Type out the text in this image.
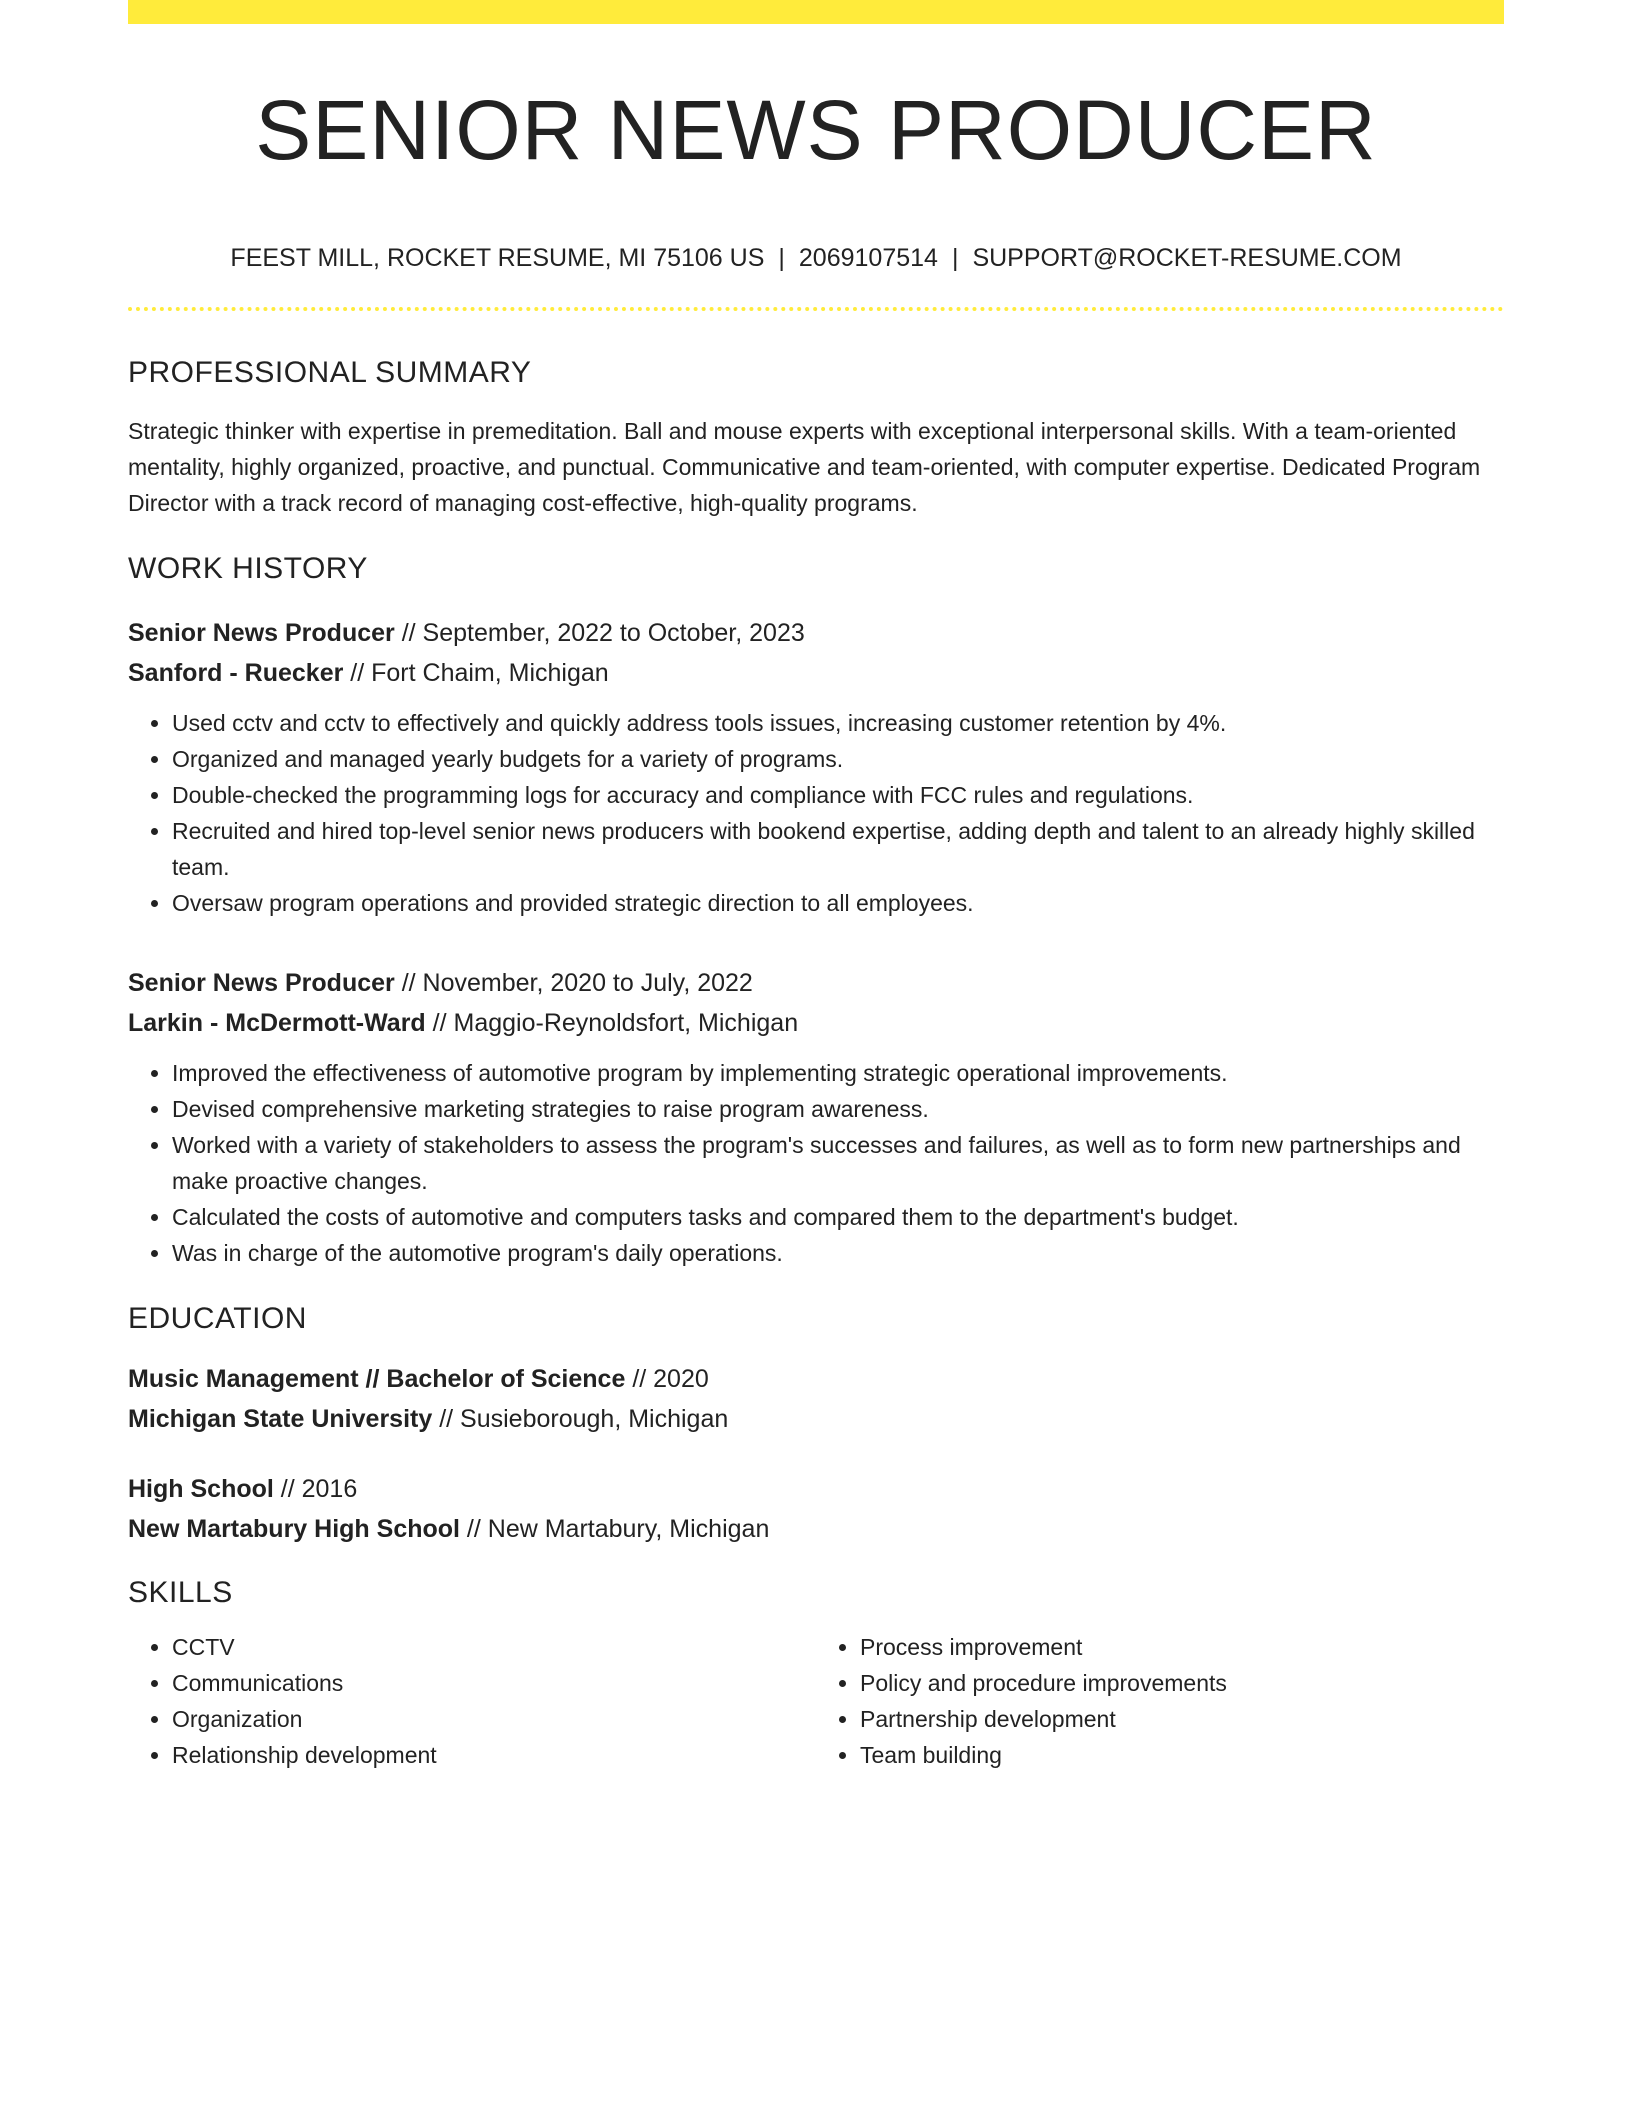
SENIOR NEWS PRODUCER
FEEST MILL, ROCKET RESUME, MI 75106 US | 2069107514 | SUPPORT@ROCKET-RESUME.COM
PROFESSIONAL SUMMARY

Strategic thinker with expertise in premeditation. Ball and mouse experts with exceptional interpersonal skills. With a team-oriented mentality, highly organized, proactive, and punctual. Communicative and team-oriented, with computer expertise. Dedicated Program Director with a track record of managing cost-effective, high-quality programs.

WORK HISTORY
Senior News Producer // September, 2022 to October, 2023
Sanford - Ruecker // Fort Chaim, Michigan
• Used cctv and cctv to effectively and quickly address tools issues, increasing customer retention by 4%.
• Organized and managed yearly budgets for a variety of programs.
• Double-checked the programming logs for accuracy and compliance with FCC rules and regulations.
• Recruited and hired top-level senior news producers with bookend expertise, adding depth and talent to an already highly skilled team.
• Oversaw program operations and provided strategic direction to all employees.
Senior News Producer // November, 2020 to July, 2022
Larkin - McDermott-Ward // Maggio-Reynoldsfort, Michigan
• Improved the effectiveness of automotive program by implementing strategic operational improvements.
• Devised comprehensive marketing strategies to raise program awareness.
• Worked with a variety of stakeholders to assess the program's successes and failures, as well as to form new partnerships and make proactive changes.
• Calculated the costs of automotive and computers tasks and compared them to the department's budget.
• Was in charge of the automotive program's daily operations.
EDUCATION
Music Management // Bachelor of Science // 2020
Michigan State University // Susieborough, Michigan
High School // 2016
New Martabury High School // New Martabury, Michigan
SKILLS
• CCTV
• Communications
• Organization
• Relationship development
• Process improvement
• Policy and procedure improvements
• Partnership development
• Team building
